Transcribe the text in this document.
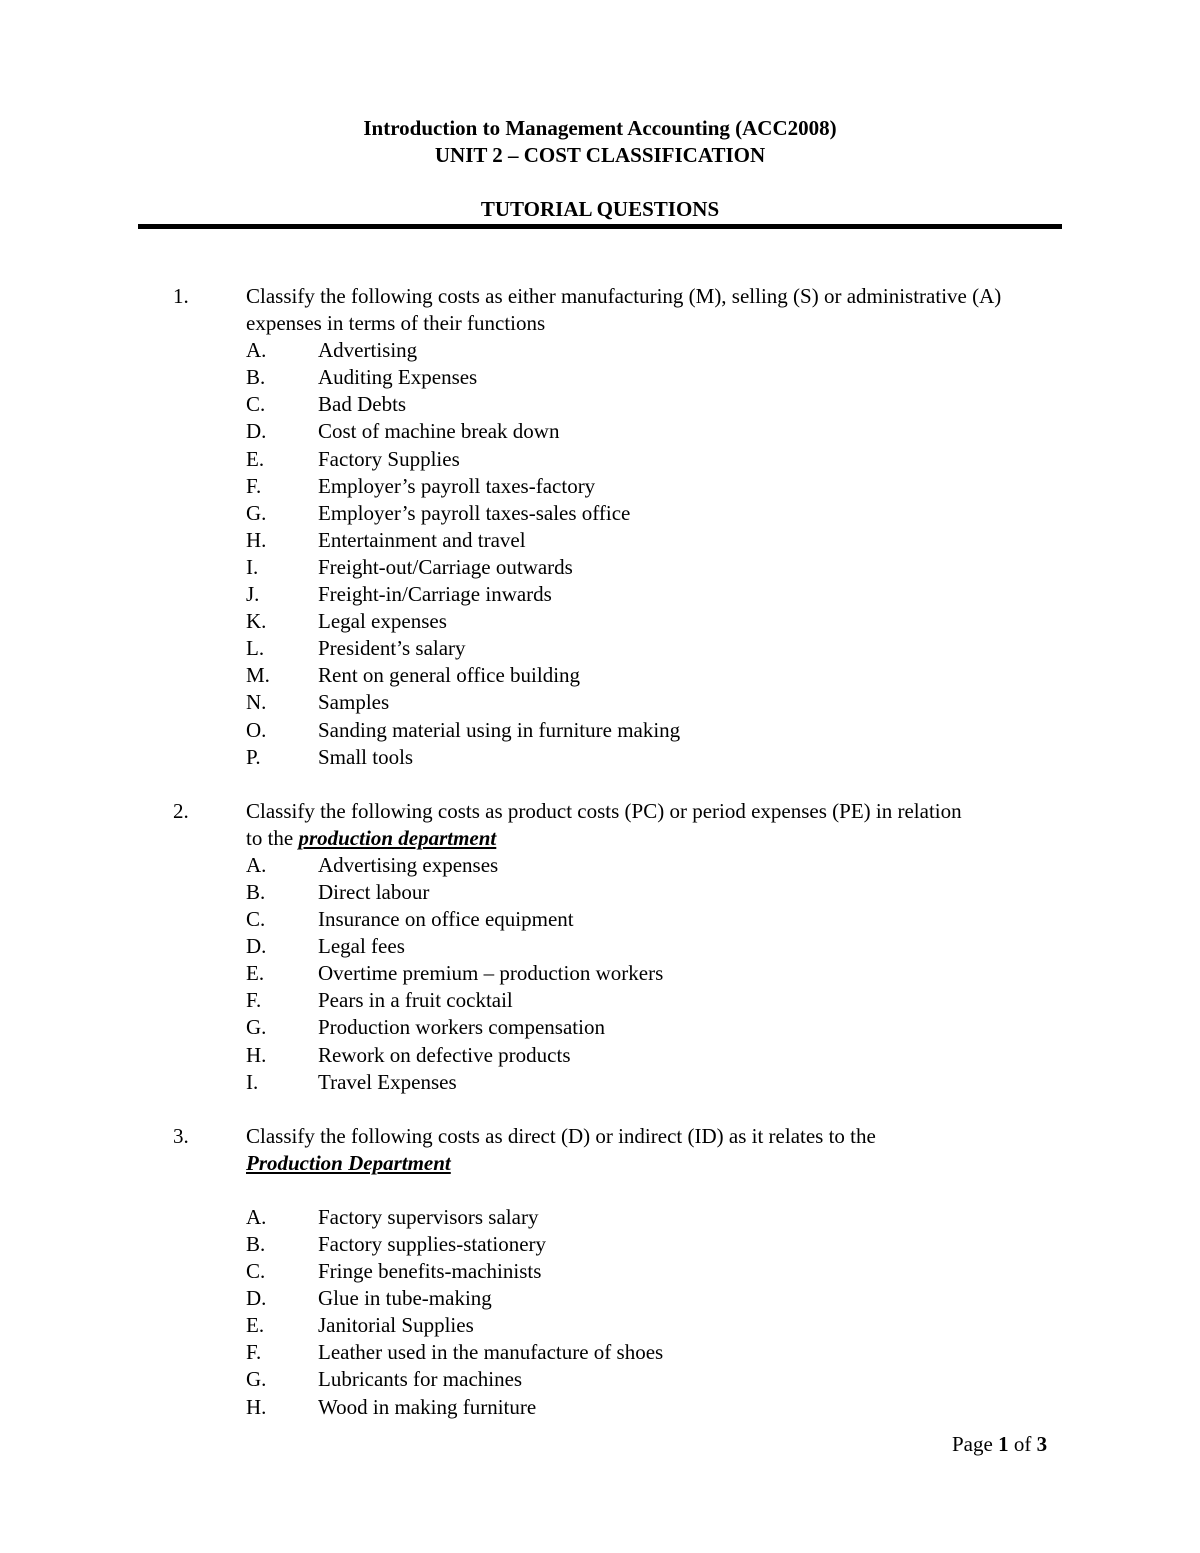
Introduction to Management Accounting (ACC2008)
UNIT 2 – COST CLASSIFICATION
TUTORIAL QUESTIONS
1.	Classify the following costs as either manufacturing (M), selling (S) or administrative (A)
expenses in terms of their functions
A. Advertising
B.	Auditing Expenses
C.	Bad Debts
D. Cost of machine break down
E.	Factory Supplies
F.	Employer’s payroll taxes-factory
G. Employer’s payroll taxes-sales office
H. Entertainment and travel
I.	Freight-out/Carriage outwards
J.	Freight-in/Carriage inwards
K. Legal expenses
L.	President’s salary
M. Rent on general office building
N. Samples
O. Sanding material using in furniture making
P.	Small tools
2.	Classify the following costs as product costs (PC) or period expenses (PE) in relation
to the production department
A. Advertising expenses
B.	Direct labour
C.	Insurance on office equipment
D. Legal fees
E.	Overtime premium – production workers
F.	Pears in a fruit cocktail
G. Production workers compensation
H. Rework on defective products
I.	Travel Expenses
3.	Classify the following costs as direct (D) or indirect (ID) as it relates to the
Production Department
A. Factory supervisors salary
B.	Factory supplies-stationery
C.	Fringe benefits-machinists
D. Glue in tube-making
E.	Janitorial Supplies
F.	Leather used in the manufacture of shoes
G. Lubricants for machines
H. Wood in making furniture
Page 1 of 3
